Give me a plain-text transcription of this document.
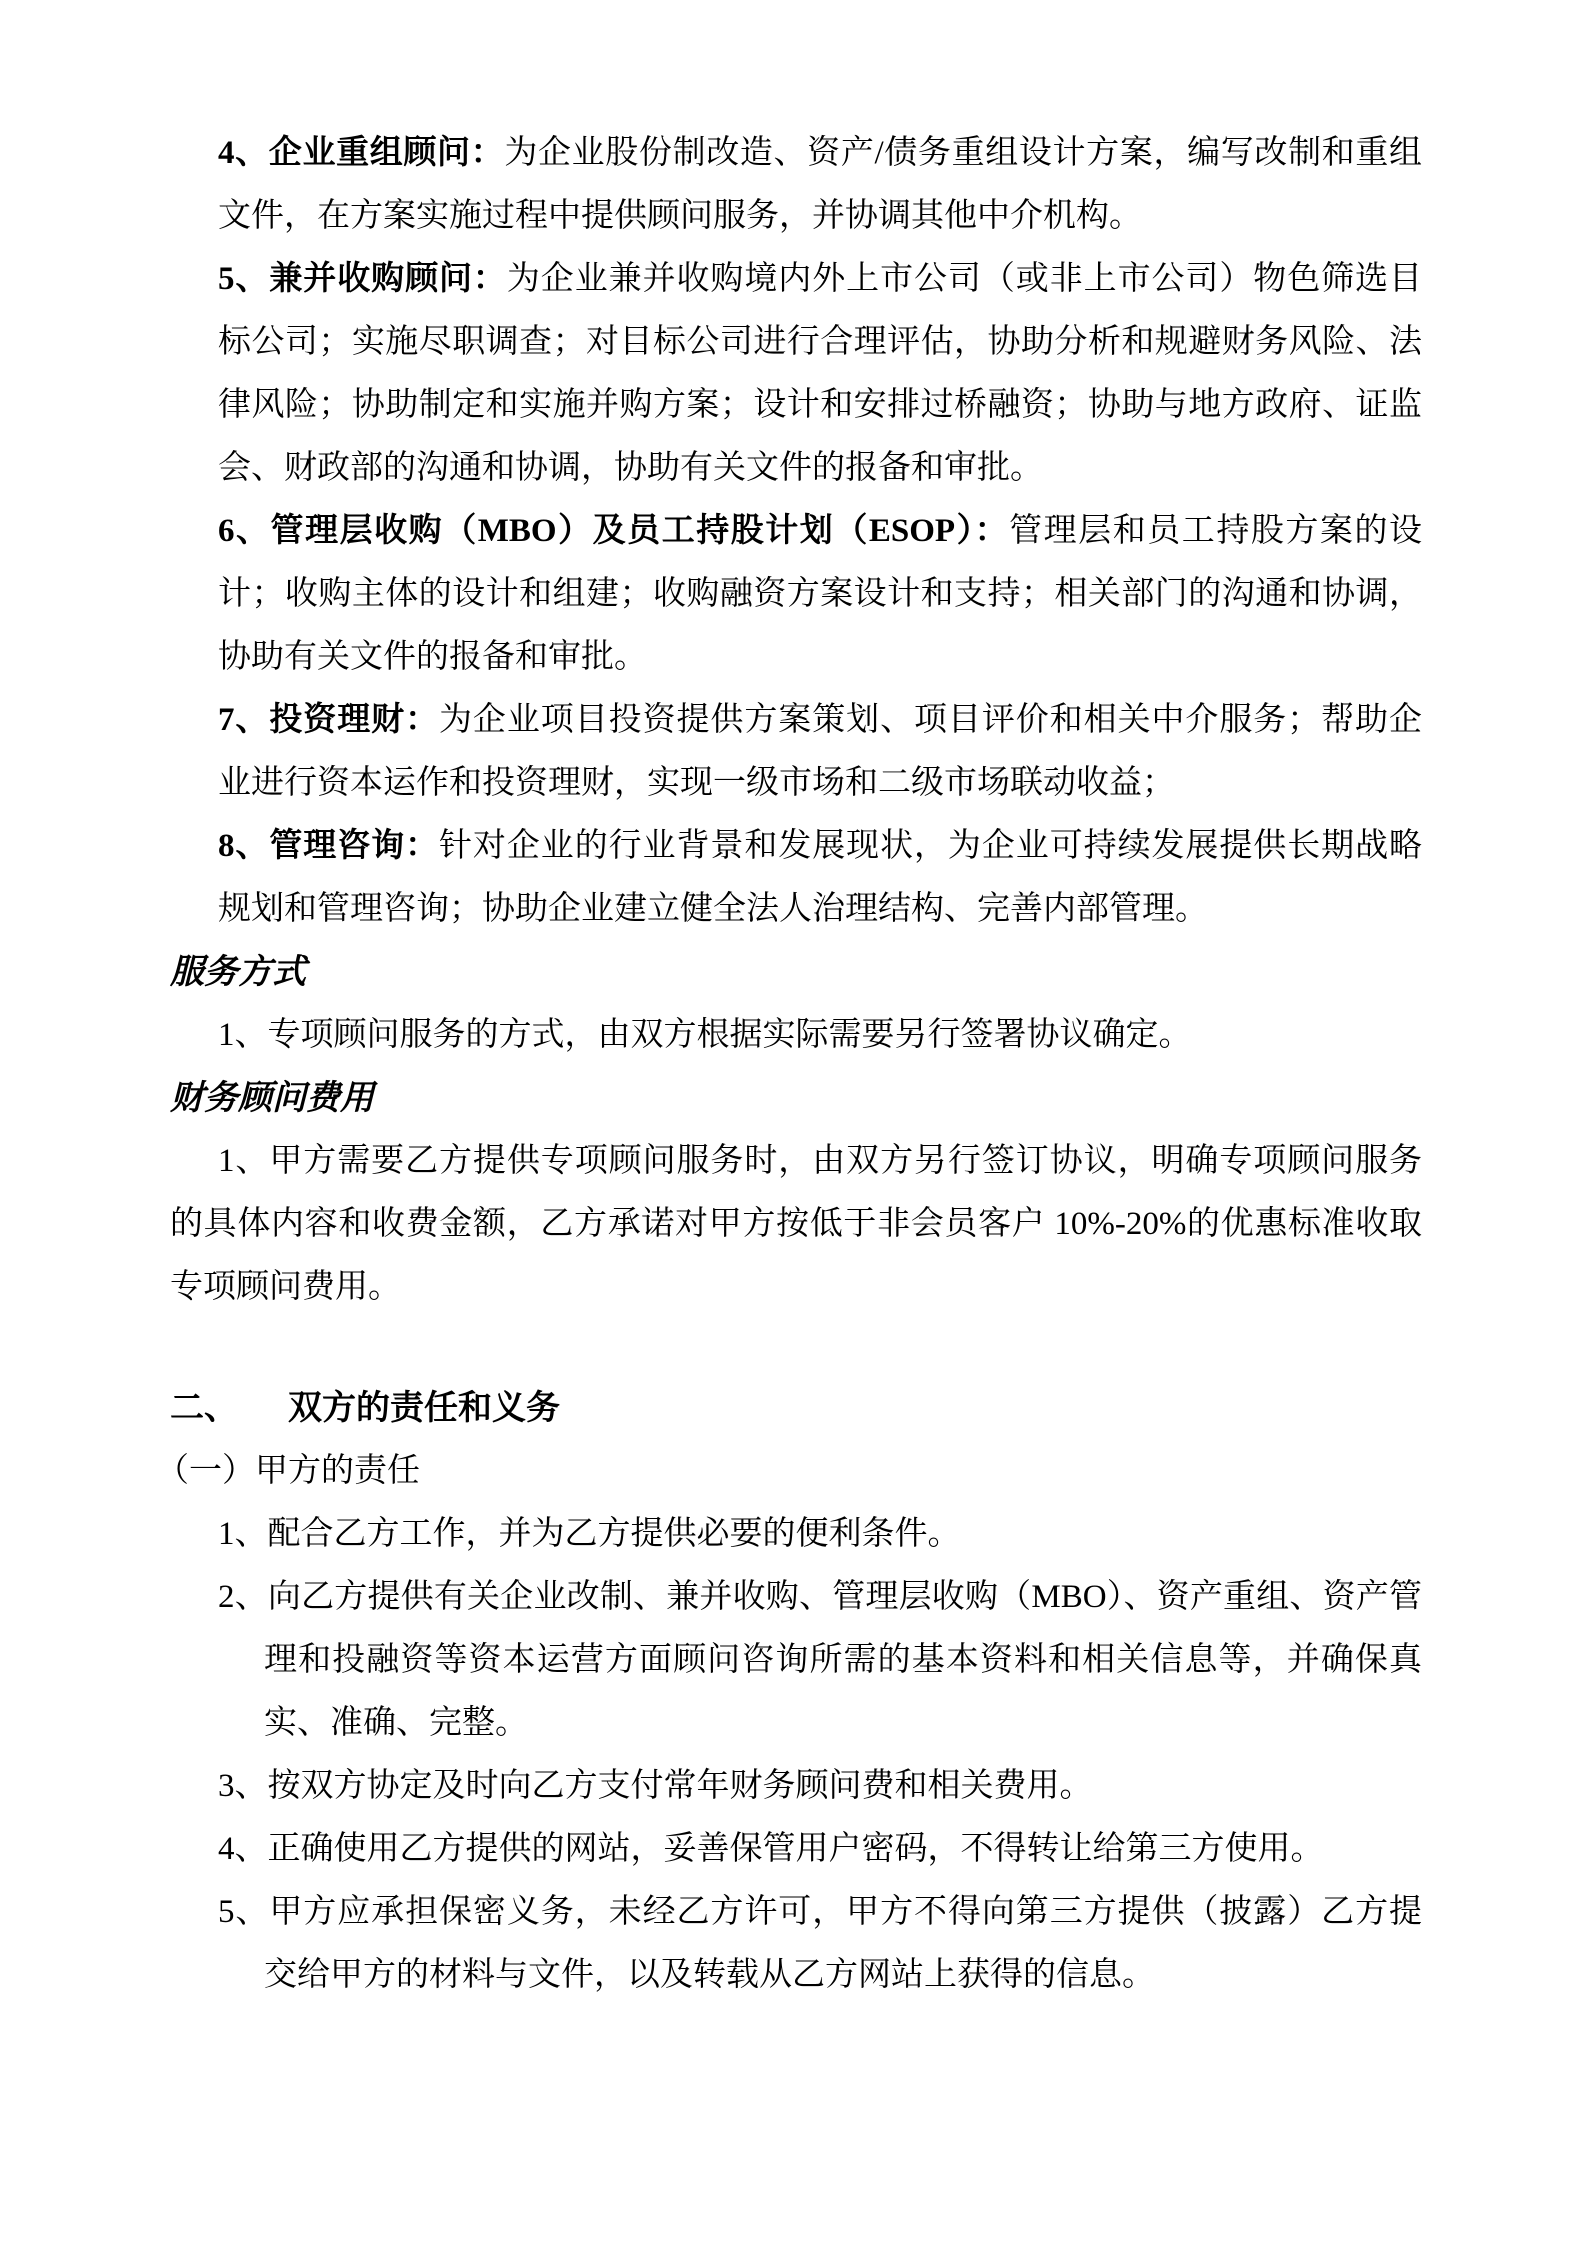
4、企业重组顾问：为企业股份制改造、资产/债务重组设计方案，编写改制和重组文件，在方案实施过程中提供顾问服务，并协调其他中介机构。

5、兼并收购顾问：为企业兼并收购境内外上市公司（或非上市公司）物色筛选目标公司；实施尽职调查；对目标公司进行合理评估，协助分析和规避财务风险、法律风险；协助制定和实施并购方案；设计和安排过桥融资；协助与地方政府、证监会、财政部的沟通和协调，协助有关文件的报备和审批。

6、管理层收购（MBO）及员工持股计划（ESOP）：管理层和员工持股方案的设计；收购主体的设计和组建；收购融资方案设计和支持；相关部门的沟通和协调，协助有关文件的报备和审批。

7、投资理财：为企业项目投资提供方案策划、项目评价和相关中介服务；帮助企业进行资本运作和投资理财，实现一级市场和二级市场联动收益；

8、管理咨询：针对企业的行业背景和发展现状，为企业可持续发展提供长期战略规划和管理咨询；协助企业建立健全法人治理结构、完善内部管理。

服务方式

1、专项顾问服务的方式，由双方根据实际需要另行签署协议确定。

财务顾问费用

1、甲方需要乙方提供专项顾问服务时，由双方另行签订协议，明确专项顾问服务的具体内容和收费金额，乙方承诺对甲方按低于非会员客户 10%-20%的优惠标准收取专项顾问费用。

二、 双方的责任和义务
（一）甲方的责任

1、配合乙方工作，并为乙方提供必要的便利条件。

2、向乙方提供有关企业改制、兼并收购、管理层收购（MBO）、资产重组、资产管理和投融资等资本运营方面顾问咨询所需的基本资料和相关信息等，并确保真实、准确、完整。

3、按双方协定及时向乙方支付常年财务顾问费和相关费用。

4、正确使用乙方提供的网站，妥善保管用户密码，不得转让给第三方使用。

5、甲方应承担保密义务，未经乙方许可，甲方不得向第三方提供（披露）乙方提交给甲方的材料与文件，以及转载从乙方网站上获得的信息。
